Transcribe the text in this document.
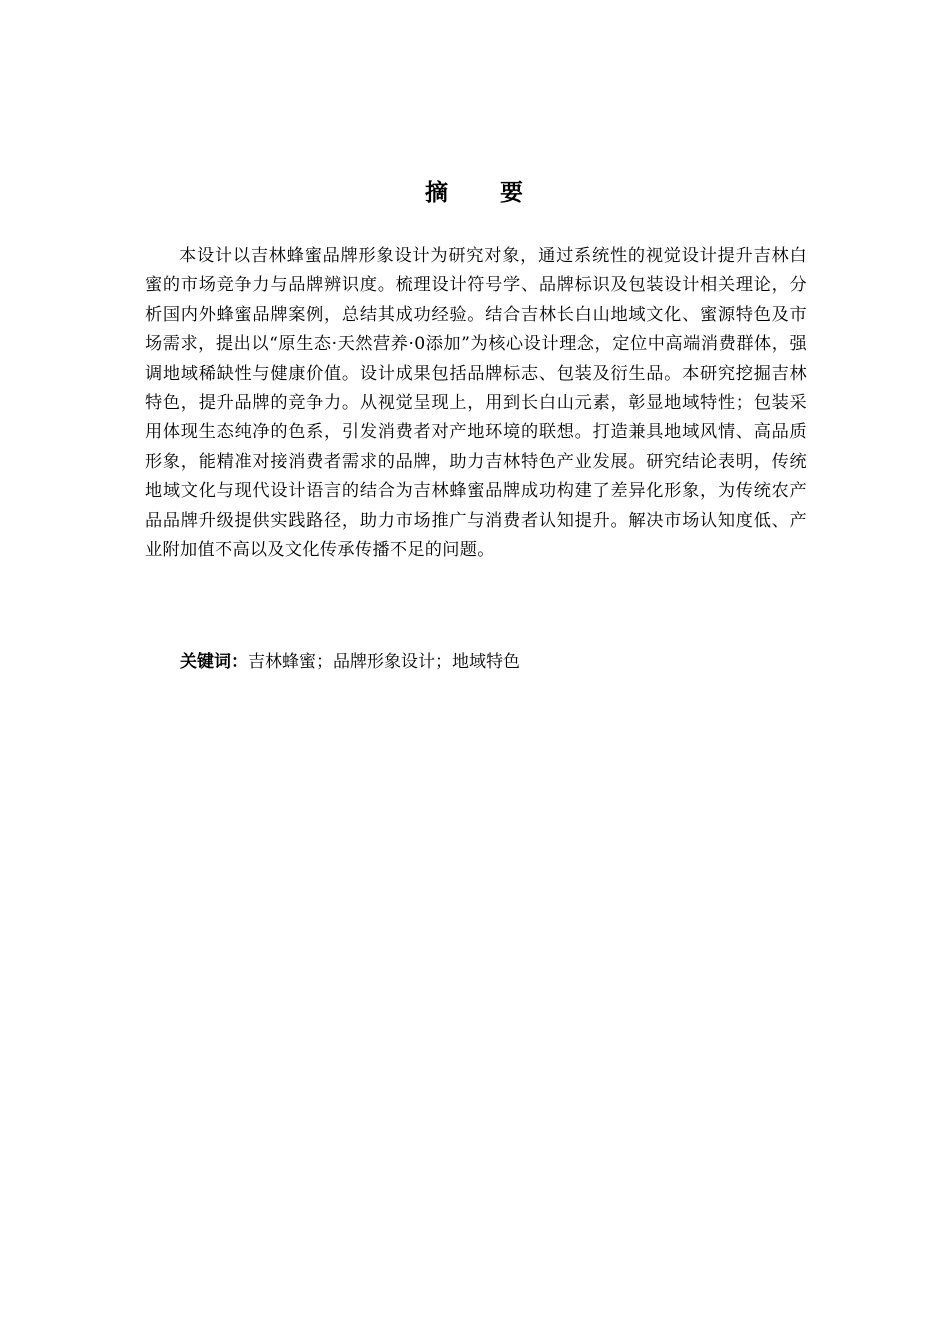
摘 要

本设计以吉林蜂蜜品牌形象设计为研究对象，通过系统性的视觉设计提升吉林白蜜的市场竞争力与品牌辨识度。梳理设计符号学、品牌标识及包装设计相关理论，分析国内外蜂蜜品牌案例，总结其成功经验。结合吉林长白山地域文化、蜜源特色及市场需求，提出以“原生态·天然营养·0添加”为核心设计理念，定位中高端消费群体，强调地域稀缺性与健康价值。设计成果包括品牌标志、包装及衍生品。本研究挖掘吉林特色，提升品牌的竞争力。从视觉呈现上，用到长白山元素，彰显地域特性；包装采用体现生态纯净的色系，引发消费者对产地环境的联想。打造兼具地域风情、高品质形象，能精准对接消费者需求的品牌，助力吉林特色产业发展。研究结论表明，传统地域文化与现代设计语言的结合为吉林蜂蜜品牌成功构建了差异化形象，为传统农产品品牌升级提供实践路径，助力市场推广与消费者认知提升。解决市场认知度低、产业附加值不高以及文化传承传播不足的问题。

关键词：吉林蜂蜜；品牌形象设计；地域特色
